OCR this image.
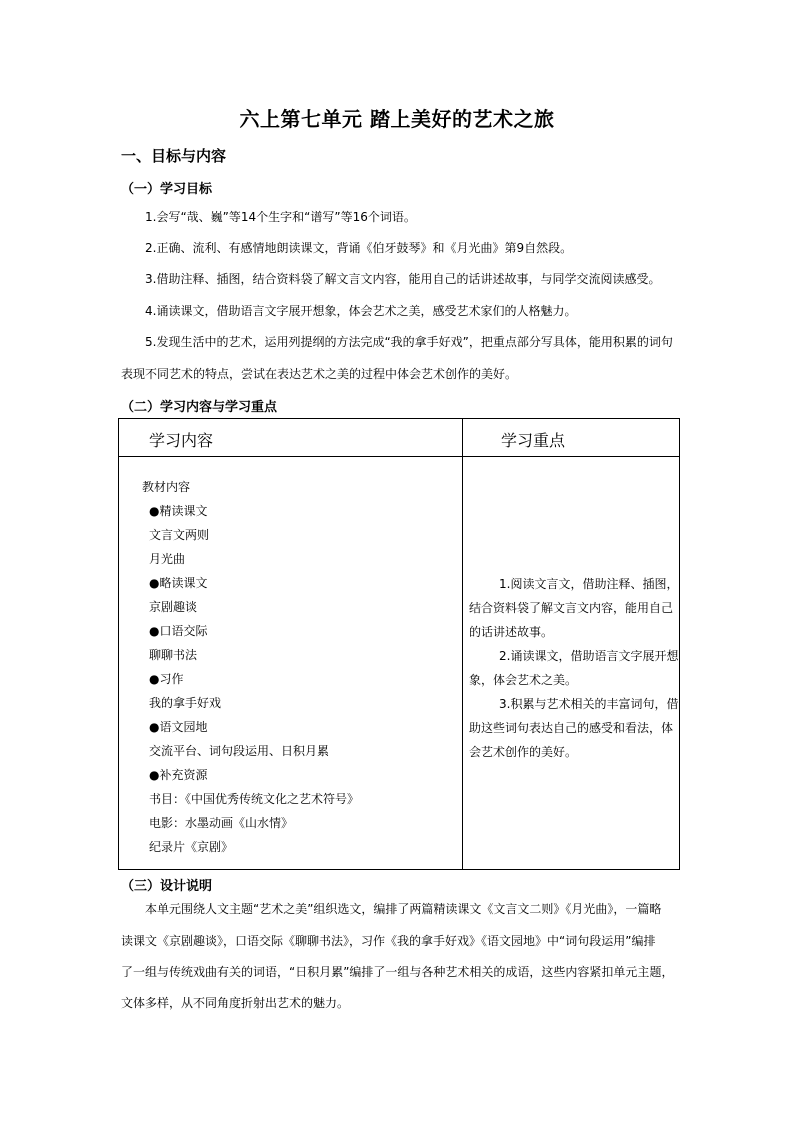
六上第七单元 踏上美好的艺术之旅
一、目标与内容
（一）学习目标
1.会写“哉、巍”等14个生字和“谱写”等16个词语。
2.正确、流利、有感情地朗读课文，背诵《伯牙鼓琴》和《月光曲》第9自然段。
3.借助注释、插图，结合资料袋了解文言文内容，能用自己的话讲述故事，与同学交流阅读感受。
4.诵读课文，借助语言文字展开想象，体会艺术之美，感受艺术家们的人格魅力。
5.发现生活中的艺术，运用列提纲的方法完成“我的拿手好戏”，把重点部分写具体，能用积累的词句
表现不同艺术的特点，尝试在表达艺术之美的过程中体会艺术创作的美好。
（二）学习内容与学习重点
学习内容	学习重点
教材内容
●精读课文
文言文两则
月光曲
●略读课文
京剧趣谈
●口语交际
聊聊书法
●习作
我的拿手好戏
●语文园地
交流平台、词句段运用、日积月累
●补充资源
书目：《中国优秀传统文化之艺术符号》
电影：水墨动画《山水情》
纪录片《京剧》
1.阅读文言文，借助注释、插图，
结合资料袋了解文言文内容，能用自己
的话讲述故事。
2.诵读课文，借助语言文字展开想
象，体会艺术之美。
3.积累与艺术相关的丰富词句，借
助这些词句表达自己的感受和看法，体
会艺术创作的美好。
（三）设计说明
本单元围绕人文主题“艺术之美”组织选文，编排了两篇精读课文《文言文二则》《月光曲》，一篇略
读课文《京剧趣谈》，口语交际《聊聊书法》，习作《我的拿手好戏》《语文园地》中“词句段运用”编排
了一组与传统戏曲有关的词语，“日积月累”编排了一组与各种艺术相关的成语，这些内容紧扣单元主题，
文体多样，从不同角度折射出艺术的魅力。
